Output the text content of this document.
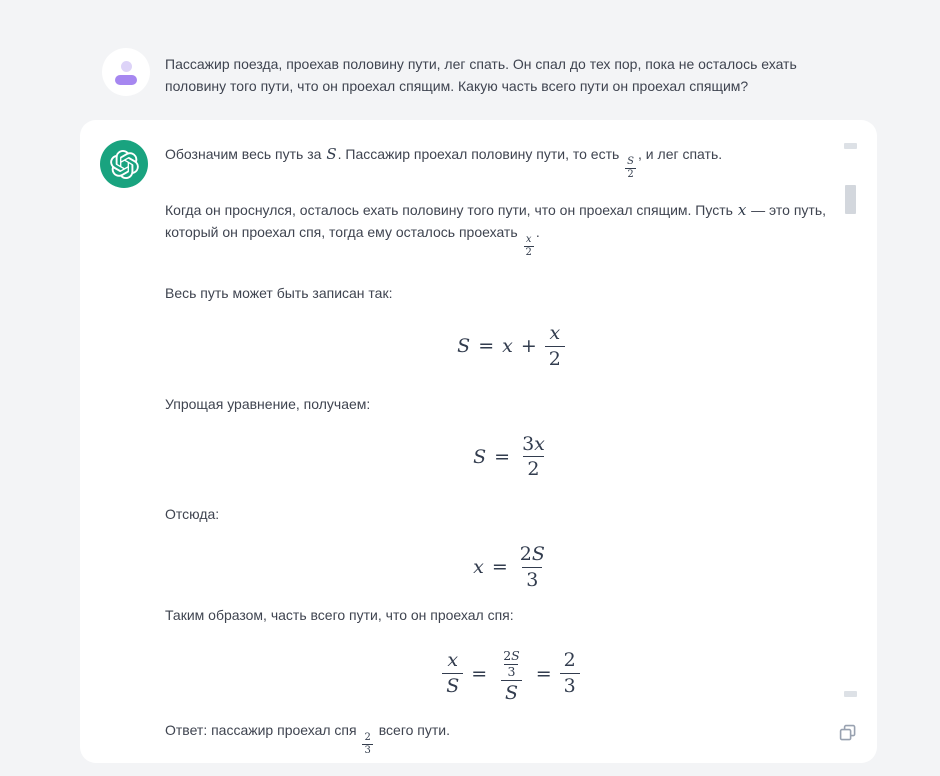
Пассажир поезда, проехав половину пути, лег спать. Он спал до тех пор, пока не осталось ехать половину того пути, что он проехал спящим. Какую часть всего пути он проехал спящим?

Обозначим весь путь за S. Пассажир проехал половину пути, то есть
$\frac{S}{2}$
, и лег спать.

Когда он проснулся, осталось ехать половину того пути, что он проехал спящим. Пусть x — это путь, который он проехал спя, тогда ему осталось проехать
$\frac{x}{2}$
.

Весь путь может быть записан так:

$S = x + \frac{x}{2}$

Упрощая уравнение, получаем:

$S = \frac{3x}{2}$

Отсюда:

$x = \frac{2S}{3}$

Таким образом, часть всего пути, что он проехал спя:

$\frac{x}{S} = \frac{\frac{2S}{3}}{S} = \frac{2}{3}$

Ответ: пассажир проехал спя
$\frac{2}{3}$
всего пути.
